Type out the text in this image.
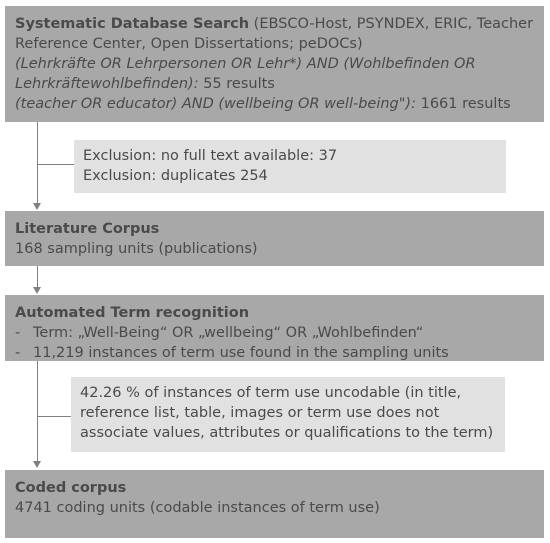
Systematic Database Search (EBSCO-Host, PSYNDEX, ERIC, Teacher Reference Center, Open Dissertations; peDOCs)

(Lehrkräfte OR Lehrpersonen OR Lehr*) AND (Wohlbefinden OR Lehrkräftewohlbefinden): 55 results

(teacher OR educator) AND (wellbeing OR well-being"): 1661 results

Exclusion: no full text available: 37

Exclusion: duplicates 254

Literature Corpus

168 sampling units (publications)

Automated Term recognition

- Term: „Well-Being“ OR „wellbeing“ OR „Wohlbefinden“

- 11,219 instances of term use found in the sampling units

42.26 % of instances of term use uncodable (in title, reference list, table, images or term use does not associate values, attributes or qualifications to the term)

Coded corpus

4741 coding units (codable instances of term use)
